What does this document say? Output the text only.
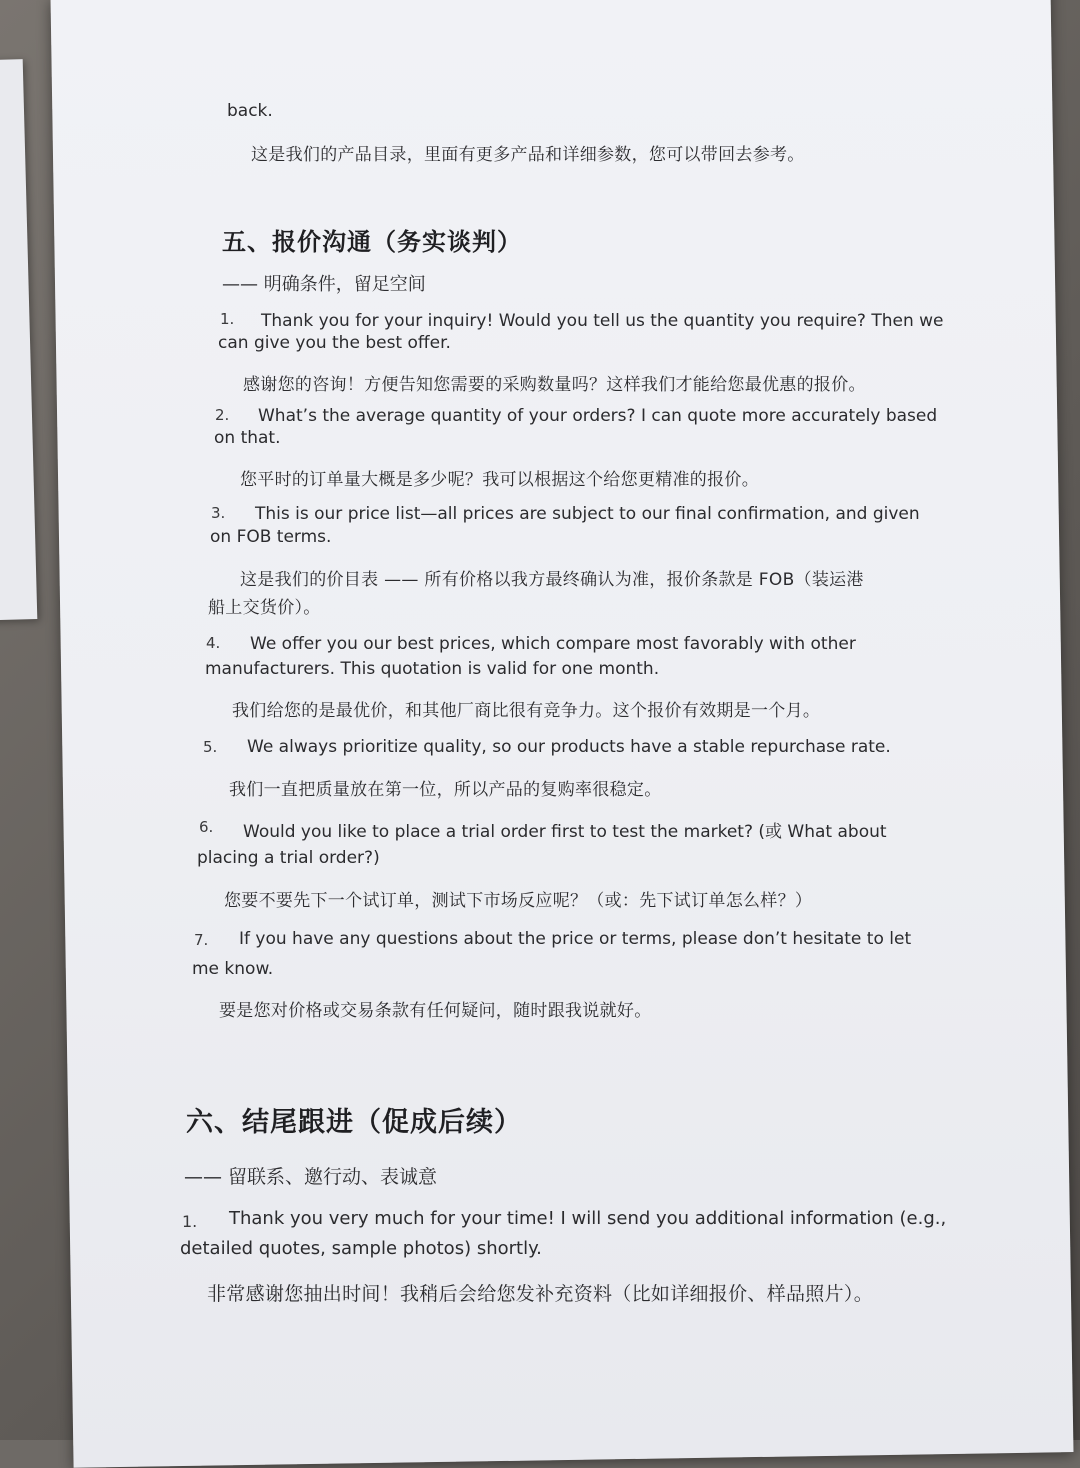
back.
这是我们的产品目录，里面有更多产品和详细参数，您可以带回去参考。
五、报价沟通（务实谈判）
—— 明确条件，留足空间
1. Thank you for your inquiry! Would you tell us the quantity you require? Then we
can give you the best offer.
感谢您的咨询！方便告知您需要的采购数量吗？这样我们才能给您最优惠的报价。
2. What’s the average quantity of your orders? I can quote more accurately based
on that.
您平时的订单量大概是多少呢？我可以根据这个给您更精准的报价。
3. This is our price list—all prices are subject to our final confirmation, and given
on FOB terms.
这是我们的价目表 —— 所有价格以我方最终确认为准，报价条款是 FOB（装运港
船上交货价）。
4. We offer you our best prices, which compare most favorably with other
manufacturers. This quotation is valid for one month.
我们给您的是最优价，和其他厂商比很有竞争力。这个报价有效期是一个月。
5. We always prioritize quality, so our products have a stable repurchase rate.
我们一直把质量放在第一位，所以产品的复购率很稳定。
6. Would you like to place a trial order first to test the market? (或 What about
placing a trial order?)
您要不要先下一个试订单，测试下市场反应呢？（或：先下试订单怎么样？）
7. If you have any questions about the price or terms, please don’t hesitate to let
me know.
要是您对价格或交易条款有任何疑问，随时跟我说就好。
六、结尾跟进（促成后续）
—— 留联系、邀行动、表诚意
1. Thank you very much for your time! I will send you additional information (e.g.,
detailed quotes, sample photos) shortly.
非常感谢您抽出时间！我稍后会给您发补充资料（比如详细报价、样品照片）。
